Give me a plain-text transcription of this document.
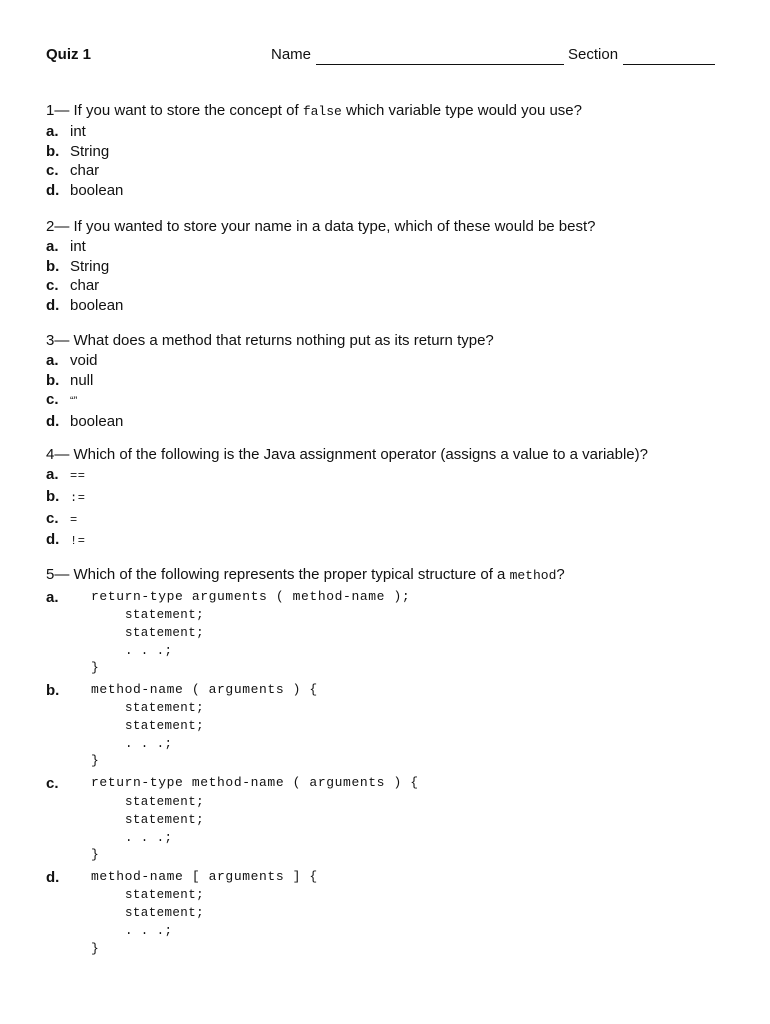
Quiz 1	Name	Section
1— If you want to store the concept of false which variable type would you use?
a. int
b. String
c. char
d. boolean
2— If you wanted to store your name in a data type, which of these would be best?
a. int
b. String
c. char
d. boolean
3— What does a method that returns nothing put as its return type?
a. void
b. null
c. “”
d. boolean
4— Which of the following is the Java assignment operator (assigns a value to a variable)?
a. ==
b. :=
c. =
d. !=
5— Which of the following represents the proper typical structure of a method?
a. return-type arguments ( method-name );
statement;
statement;
. . .;
}
b. method-name ( arguments ) {
statement;
statement;
. . .;
}
c. return-type method-name ( arguments ) {
statement;
statement;
. . .;
}
d. method-name [ arguments ] {
statement;
statement;
. . .;
}
